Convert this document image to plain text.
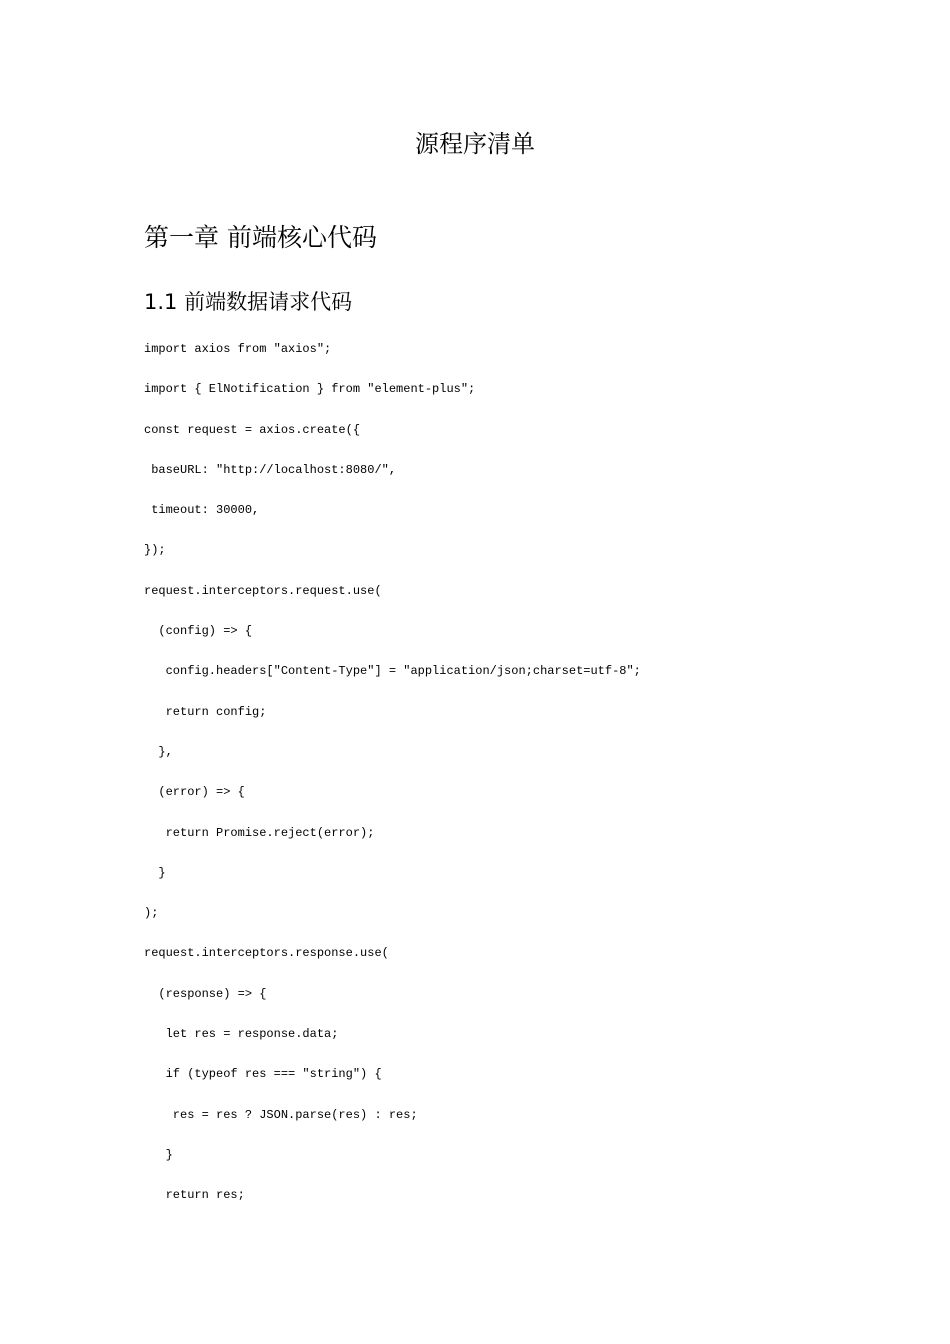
源程序清单
第一章 前端核心代码
1.1 前端数据请求代码
import axios from "axios";
import { ElNotification } from "element-plus";
const request = axios.create({
baseURL: "http://localhost:8080/",
timeout: 30000,
});
request.interceptors.request.use(
(config) => {
config.headers["Content-Type"] = "application/json;charset=utf-8";
return config;
},
(error) => {
return Promise.reject(error);
}
);
request.interceptors.response.use(
(response) => {
let res = response.data;
if (typeof res === "string") {
res = res ? JSON.parse(res) : res;
}
return res;
